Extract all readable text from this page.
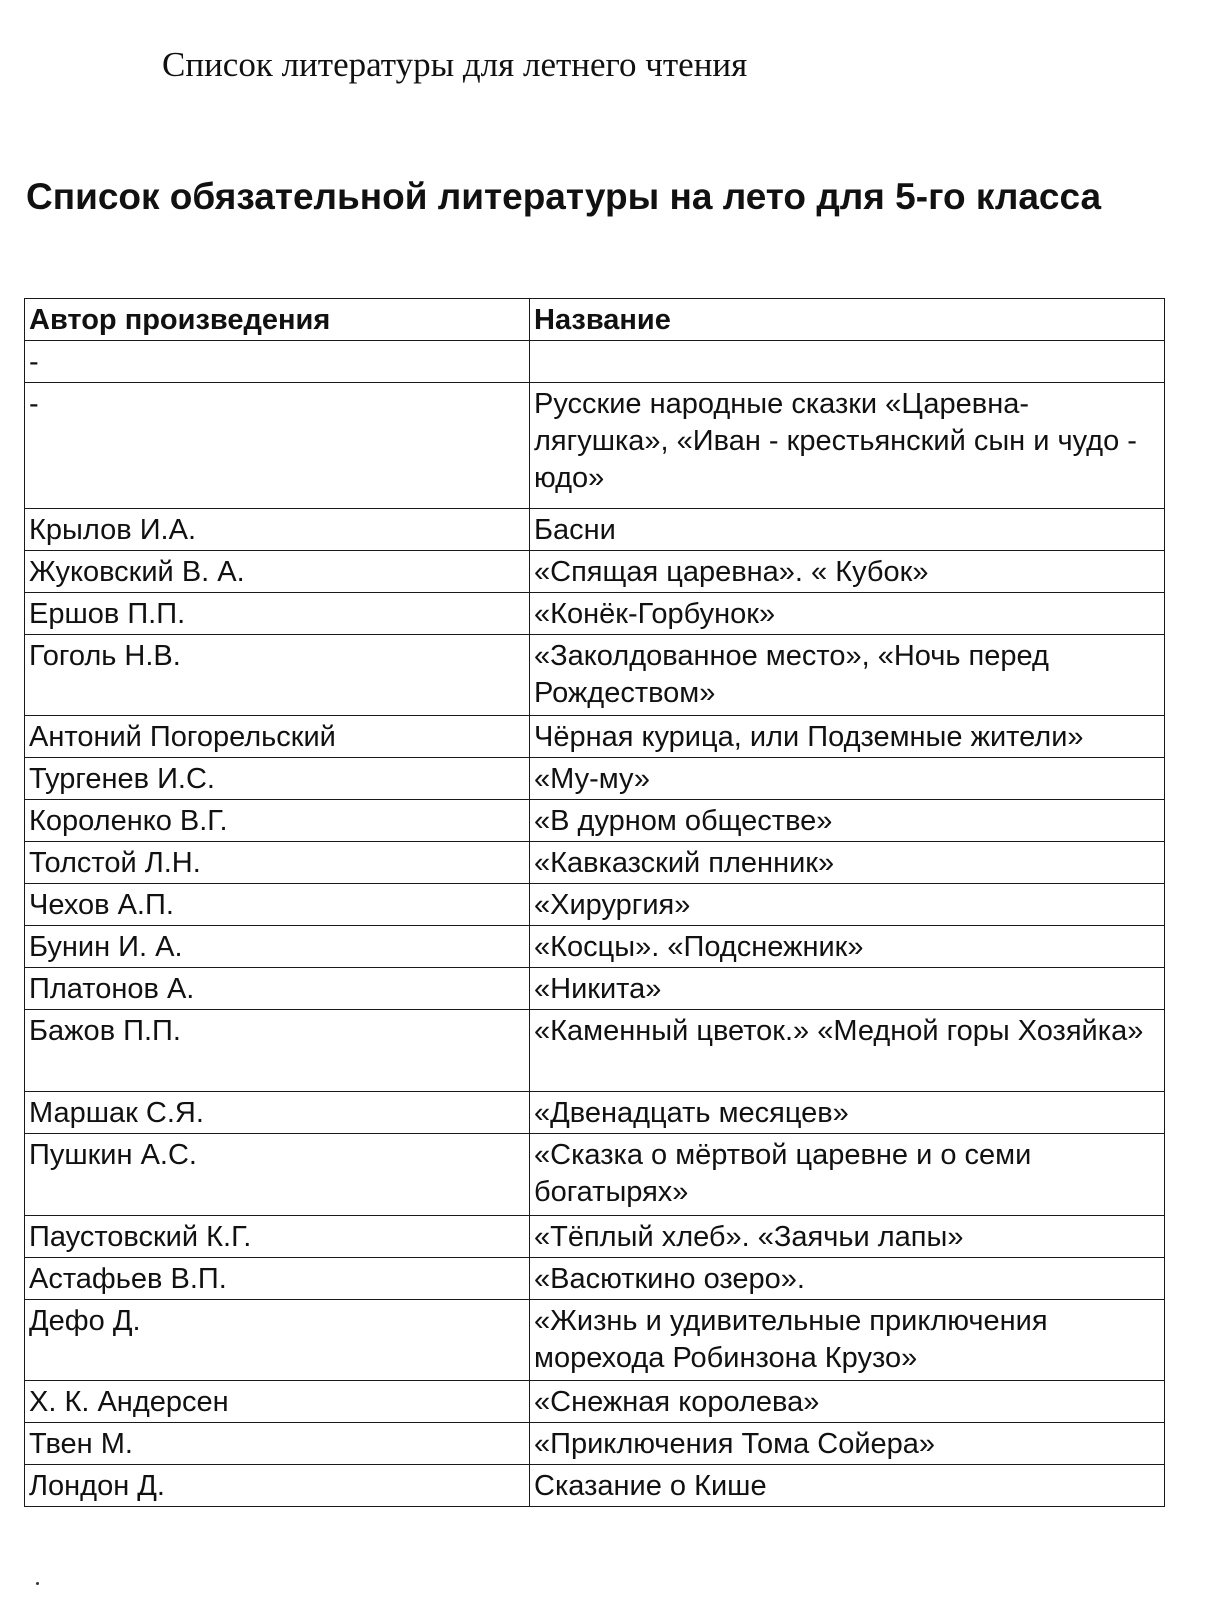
Список литературы для летнего чтения
Список обязательной литературы на лето для 5-го класса
Автор произведения	Название
-	
-	Русские народные сказки «Царевна-лягушка», «Иван - крестьянский сын и чудо - юдо»
Крылов И.А.	Басни
Жуковский В. А.	«Спящая царевна». « Кубок»
Ершов П.П.	«Конёк-Горбунок»
Гоголь Н.В.	«Заколдованное место», «Ночь перед Рождеством»
Антоний Погорельский	Чёрная курица, или Подземные жители»
Тургенев И.С.	«Му-му»
Короленко В.Г.	«В дурном обществе»
Толстой Л.Н.	«Кавказский пленник»
Чехов А.П.	«Хирургия»
Бунин И. А.	«Косцы». «Подснежник»
Платонов А.	«Никита»
Бажов П.П.	«Каменный цветок.» «Медной горы Хозяйка»
Маршак С.Я.	«Двенадцать месяцев»
Пушкин А.С.	«Сказка о мёртвой царевне и о семи богатырях»
Паустовский К.Г.	«Тёплый хлеб». «Заячьи лапы»
Астафьев В.П.	«Васюткино озеро».
Дефо Д.	«Жизнь и удивительные приключения морехода Робинзона Крузо»
Х. К. Андерсен	«Снежная королева»
Твен М.	«Приключения Тома Сойера»
Лондон Д.	Сказание о Кише
